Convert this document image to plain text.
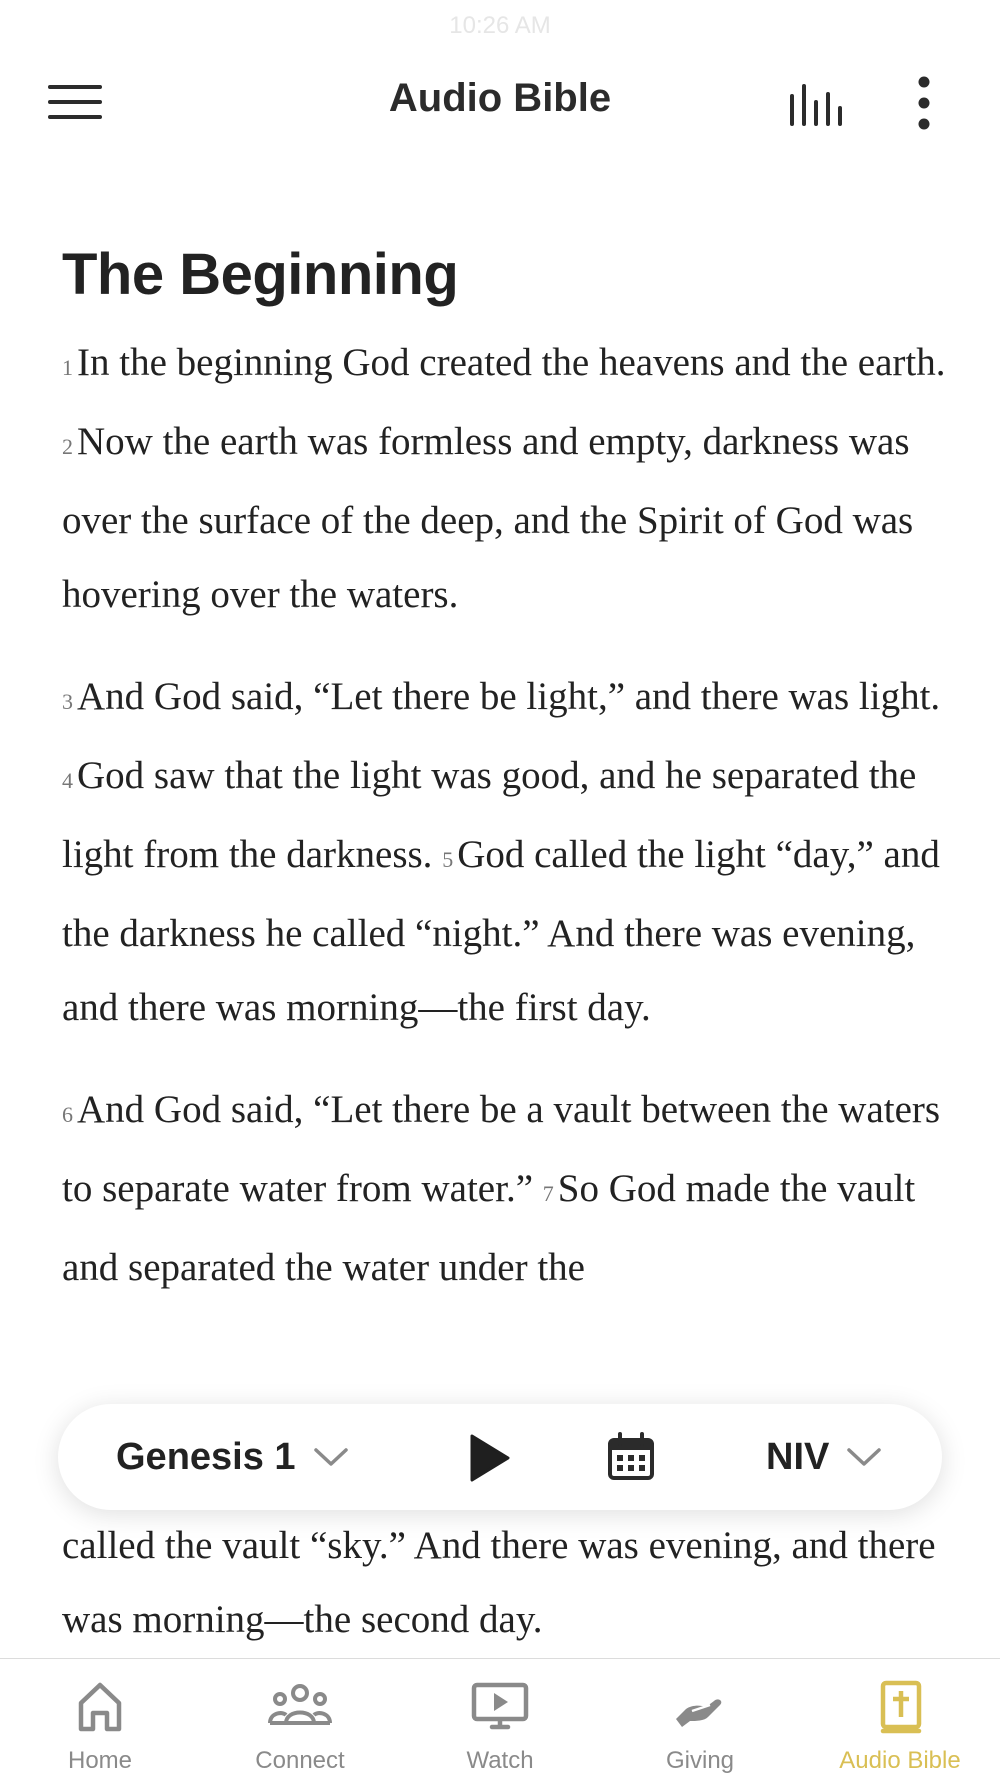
10:26 AM
Audio Bible
The Beginning

1 In the beginning God created the heavens and the earth. 2 Now the earth was formless and empty, darkness was over the surface of the deep, and the Spirit of God was hovering over the waters.

3 And God said, “Let there be light,” and there was light. 4 God saw that the light was good, and he separated the light from the darkness. 5 God called the light “day,” and the darkness he called “night.” And there was evening, and there was morning—the first day.

6 And God said, “Let there be a vault between the waters to separate water from water.” 7 So God made the vault and separated the water under the

called the vault “sky.” And there was evening, and there was morning—the second day.
Genesis 1	NIV
Home	Connect	Watch	Giving	Audio Bible
